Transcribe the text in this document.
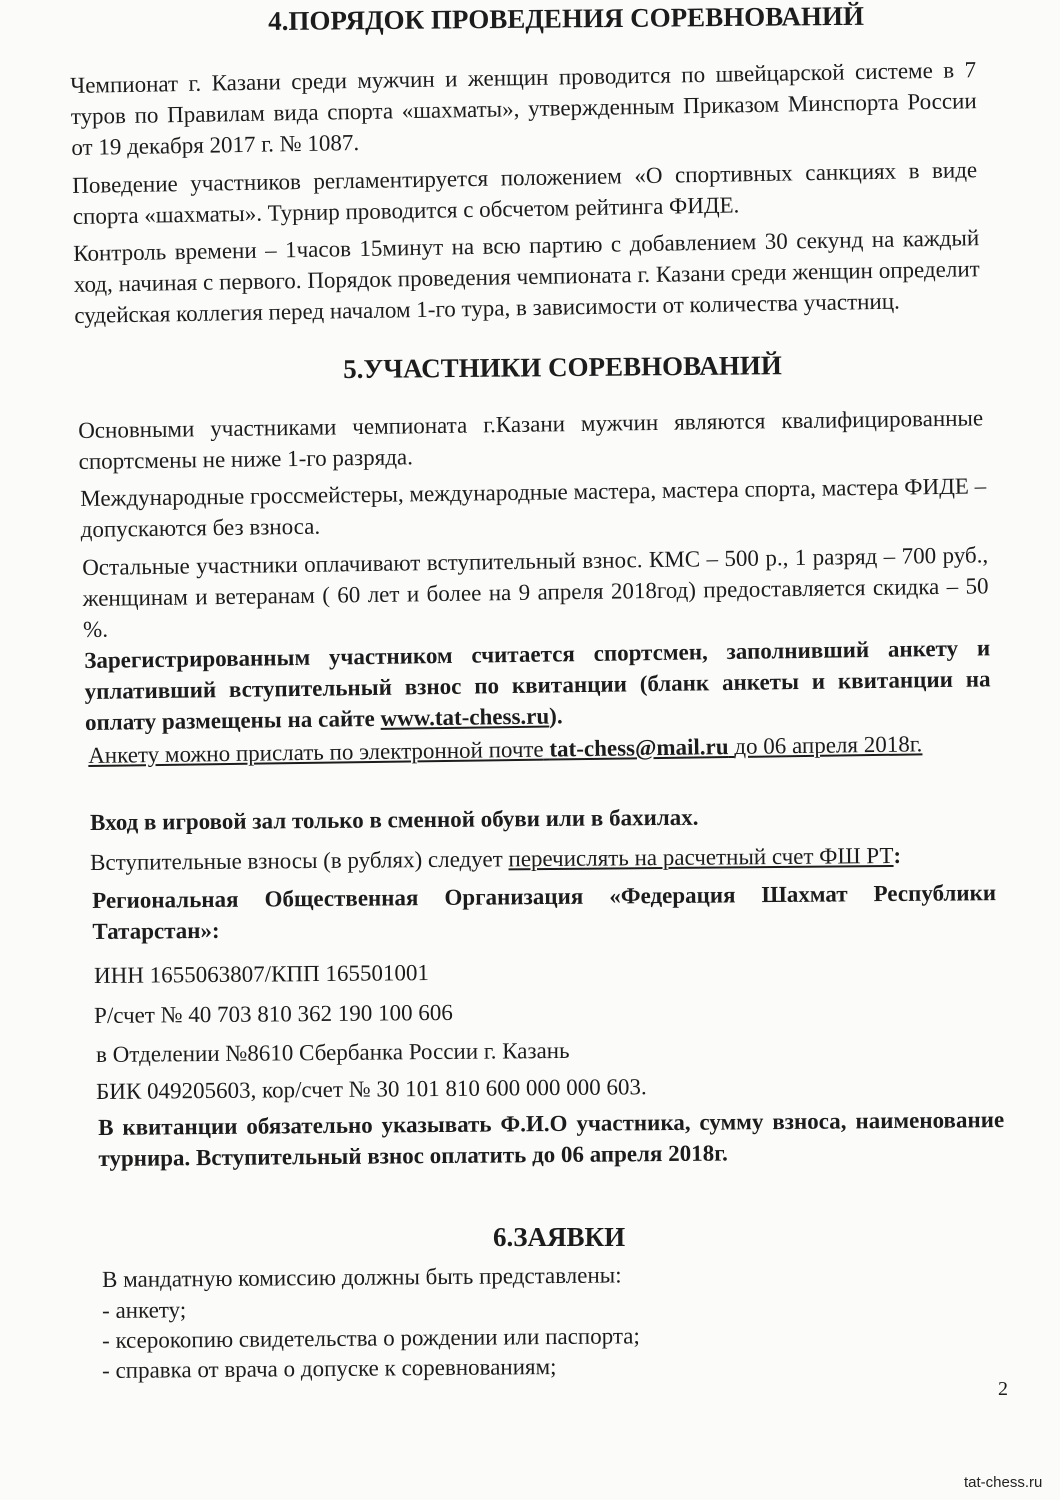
4.ПОРЯДОК ПРОВЕДЕНИЯ СОРЕВНОВАНИЙ

Чемпионат г. Казани среди мужчин и женщин проводится по швейцарской системе в 7 туров по Правилам вида спорта «шахматы», утвержденным Приказом Минспорта России от 19 декабря 2017 г. № 1087.

Поведение участников регламентируется положением «О спортивных санкциях в виде спорта «шахматы». Турнир проводится с обсчетом рейтинга ФИДЕ.

Контроль времени – 1часов 15минут на всю партию с добавлением 30 секунд на каждый ход, начиная с первого. Порядок проведения чемпионата г. Казани среди женщин определит судейская коллегия перед началом 1-го тура, в зависимости от количества участниц.

5.УЧАСТНИКИ СОРЕВНОВАНИЙ

Основными участниками чемпионата г.Казани мужчин являются квалифицированные спортсмены не ниже 1-го разряда.

Международные гроссмейстеры, международные мастера, мастера спорта, мастера ФИДЕ – допускаются без взноса.

Остальные участники оплачивают вступительный взнос. КМС – 500 р., 1 разряд – 700 руб., женщинам и ветеранам ( 60 лет и более на 9 апреля 2018год) предоставляется скидка – 50 %.

Зарегистрированным участником считается спортсмен, заполнивший анкету и уплативший вступительный взнос по квитанции (бланк анкеты и квитанции на оплату размещены на сайте www.tat-chess.ru).

Анкету можно прислать по электронной почте tat-chess@mail.ru до 06 апреля 2018г.

Вход в игровой зал только в сменной обуви или в бахилах.

Вступительные взносы (в рублях) следует перечислять на расчетный счет ФШ РТ:

Региональная Общественная Организация «Федерация Шахмат Республики Татарстан»:

ИНН 1655063807/КПП 165501001

Р/счет № 40 703 810 362 190 100 606

в Отделении №8610 Сбербанка России г. Казань

БИК 049205603, кор/счет № 30 101 810 600 000 000 603.

В квитанции обязательно указывать Ф.И.О участника, сумму взноса, наименование турнира. Вступительный взнос оплатить до 06 апреля 2018г.

6.ЗАЯВКИ

В мандатную комиссию должны быть представлены:

- анкету;

- ксерокопию свидетельства о рождении или паспорта;

- справка от врача о допуске к соревнованиям;

2
tat-chess.ru
